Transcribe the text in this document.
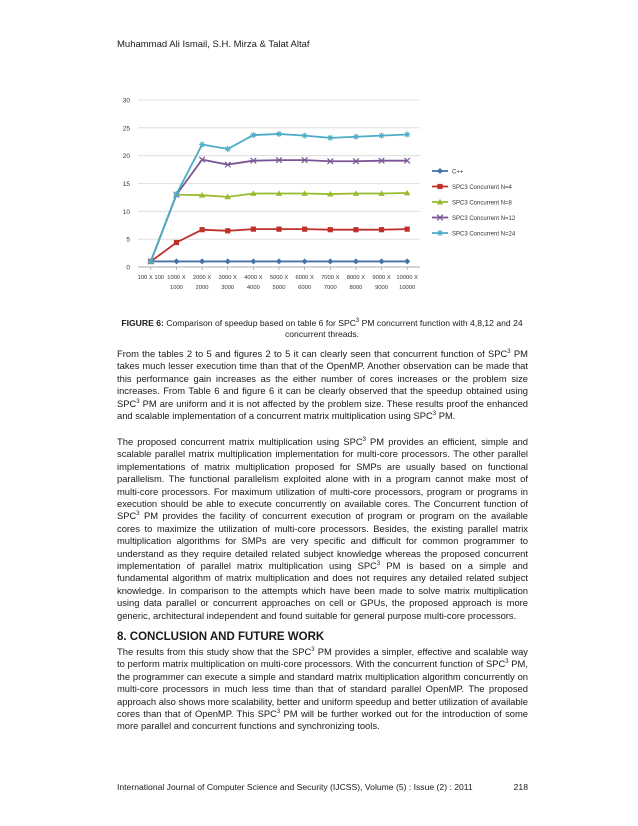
Muhammad Ali Ismail, S.H. Mirza & Talat Altaf
0
5
10
15
20
25
30
100 X 100 1000 X 1000
2000 X 2000
3000 X 3000
4000 X 4000
5000 X 5000
6000 X 6000
7000 X 7000
8000 X 8000
9000 X 9000
10000 X 10000
C++
SPC3 Concurrent N=4
SPC3 Concurrent N=8
SPC3 Concurrent N=12
SPC3 Concurrent N=24
FIGURE 6: Comparison of speedup based on table 6 for SPC$^3$ PM concurrent function with 4,8,12 and 24 concurrent threads.

From the tables 2 to 5 and figures 2 to 5 it can clearly seen that concurrent function of SPC$^3$ PM takes much lesser execution time than that of the OpenMP. Another observation can be made that this performance gain increases as the either number of cores increases or the problem size increases. From Table 6 and figure 6 it can be clearly observed that the speedup obtained using SPC$^3$ PM are uniform and it is not affected by the problem size. These results proof the enhanced and scalable implementation of a concurrent matrix multiplication using SPC$^3$ PM.

The proposed concurrent matrix multiplication using SPC$^3$ PM provides an efficient, simple and scalable parallel matrix multiplication implementation for multi-core processors. The other parallel implementations of matrix multiplication proposed for SMPs are usually based on functional parallelism. The functional parallelism exploited alone with in a program cannot make most of multi-core processors. For maximum utilization of multi-core processors, program or programs in execution should be able to execute concurrently on available cores. The Concurrent function of SPC$^3$ PM provides the facility of concurrent execution of program or program on the available cores to maximize the utilization of multi-core processors. Besides, the existing parallel matrix multiplication algorithms for SMPs are very specific and difficult for common programmer to understand as they require detailed related subject knowledge whereas the proposed concurrent implementation of parallel matrix multiplication using SPC$^3$ PM is based on a simple and fundamental algorithm of matrix multiplication and does not requires any detailed related subject knowledge. In comparison to the attempts which have been made to solve matrix multiplication using data parallel or concurrent approaches on cell or GPUs, the proposed approach is more generic, architectural independent and found suitable for general purpose multi-core processors.

8. CONCLUSION AND FUTURE WORK

The results from this study show that the SPC$^3$ PM provides a simpler, effective and scalable way to perform matrix multiplication on multi-core processors. With the concurrent function of SPC$^3$ PM, the programmer can execute a simple and standard matrix multiplication algorithm concurrently on multi-core processors in much less time than that of standard parallel OpenMP. The proposed approach also shows more scalability, better and uniform speedup and better utilization of available cores than that of OpenMP. This SPC$^3$ PM will be further worked out for the introduction of some more parallel and concurrent functions and synchronizing tools.

International Journal of Computer Science and Security (IJCSS), Volume (5) : Issue (2) : 2011	218
